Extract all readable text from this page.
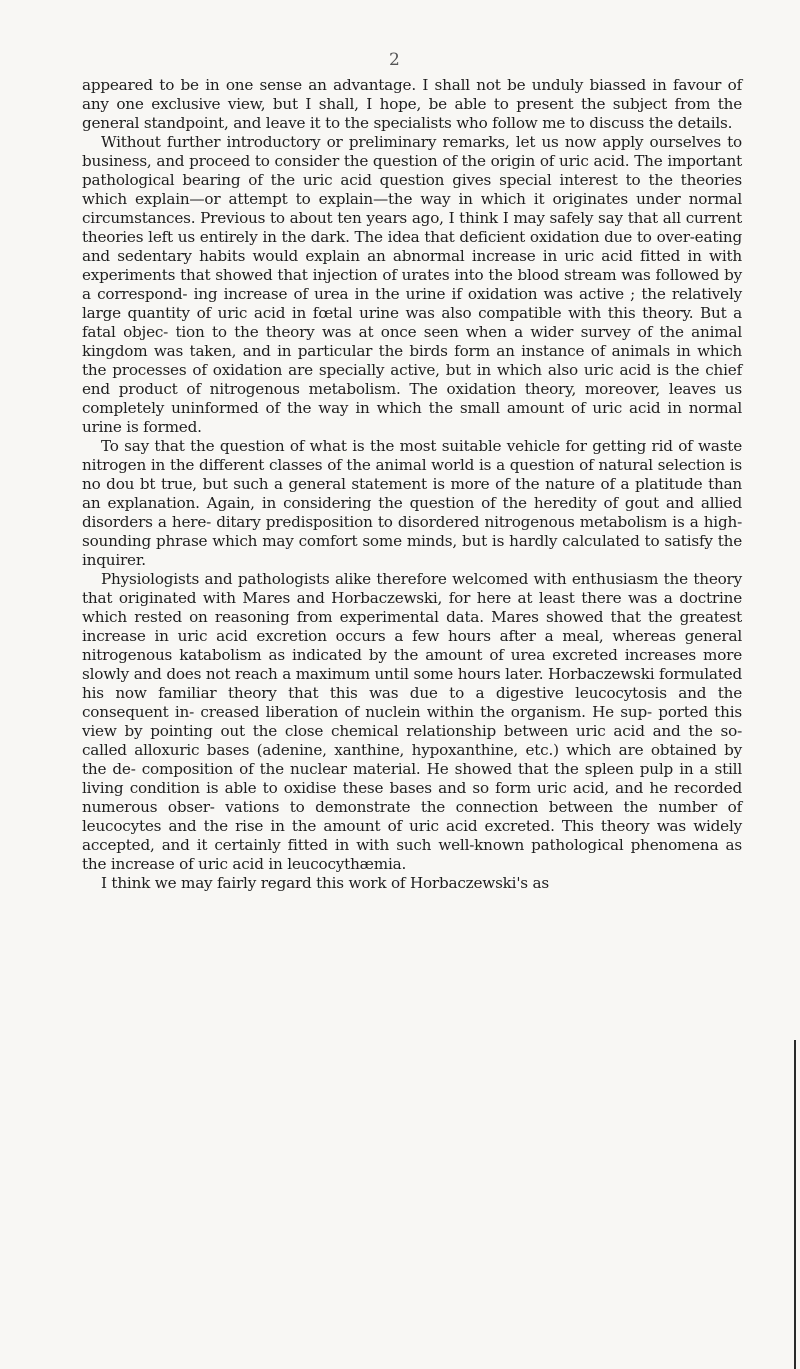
2

appeared to be in one sense an advantage. I shall not be unduly biassed in favour of any one exclusive view, but I shall, I hope, be able to present the subject from the general standpoint, and leave it to the specialists who follow me to discuss the details.

Without further introductory or preliminary remarks, let us now apply ourselves to business, and proceed to consider the question of the origin of uric acid. The important pathological bearing of the uric acid question gives special interest to the theories which explain—or attempt to explain—the way in which it originates under normal circumstances. Previous to about ten years ago, I think I may safely say that all current theories left us entirely in the dark. The idea that deficient oxidation due to over-eating and sedentary habits would explain an abnormal increase in uric acid fitted in with experiments that showed that injection of urates into the blood stream was followed by a correspond- ing increase of urea in the urine if oxidation was active ; the relatively large quantity of uric acid in fœtal urine was also compatible with this theory. But a fatal objec- tion to the theory was at once seen when a wider survey of the animal kingdom was taken, and in particular the birds form an instance of animals in which the processes of oxidation are specially active, but in which also uric acid is the chief end product of nitrogenous metabolism. The oxidation theory, moreover, leaves us completely uninformed of the way in which the small amount of uric acid in normal urine is formed.

To say that the question of what is the most suitable vehicle for getting rid of waste nitrogen in the different classes of the animal world is a question of natural selection is no dou bt true, but such a general statement is more of the nature of a platitude than an explanation. Again, in considering the question of the heredity of gout and allied disorders a here- ditary predisposition to disordered nitrogenous metabolism is a high-sounding phrase which may comfort some minds, but is hardly calculated to satisfy the inquirer.

Physiologists and pathologists alike therefore welcomed with enthusiasm the theory that originated with Mares and Horbaczewski, for here at least there was a doctrine which rested on reasoning from experimental data. Mares showed that the greatest increase in uric acid excretion occurs a few hours after a meal, whereas general nitrogenous katabolism as indicated by the amount of urea excreted increases more slowly and does not reach a maximum until some hours later. Horbaczewski formulated his now familiar theory that this was due to a digestive leucocytosis and the consequent in- creased liberation of nuclein within the organism. He sup- ported this view by pointing out the close chemical relationship between uric acid and the so-called alloxuric bases (adenine, xanthine, hypoxanthine, etc.) which are obtained by the de- composition of the nuclear material. He showed that the spleen pulp in a still living condition is able to oxidise these bases and so form uric acid, and he recorded numerous obser- vations to demonstrate the connection between the number of leucocytes and the rise in the amount of uric acid excreted. This theory was widely accepted, and it certainly fitted in with such well-known pathological phenomena as the increase of uric acid in leucocythæmia.

I think we may fairly regard this work of Horbaczewski's as
